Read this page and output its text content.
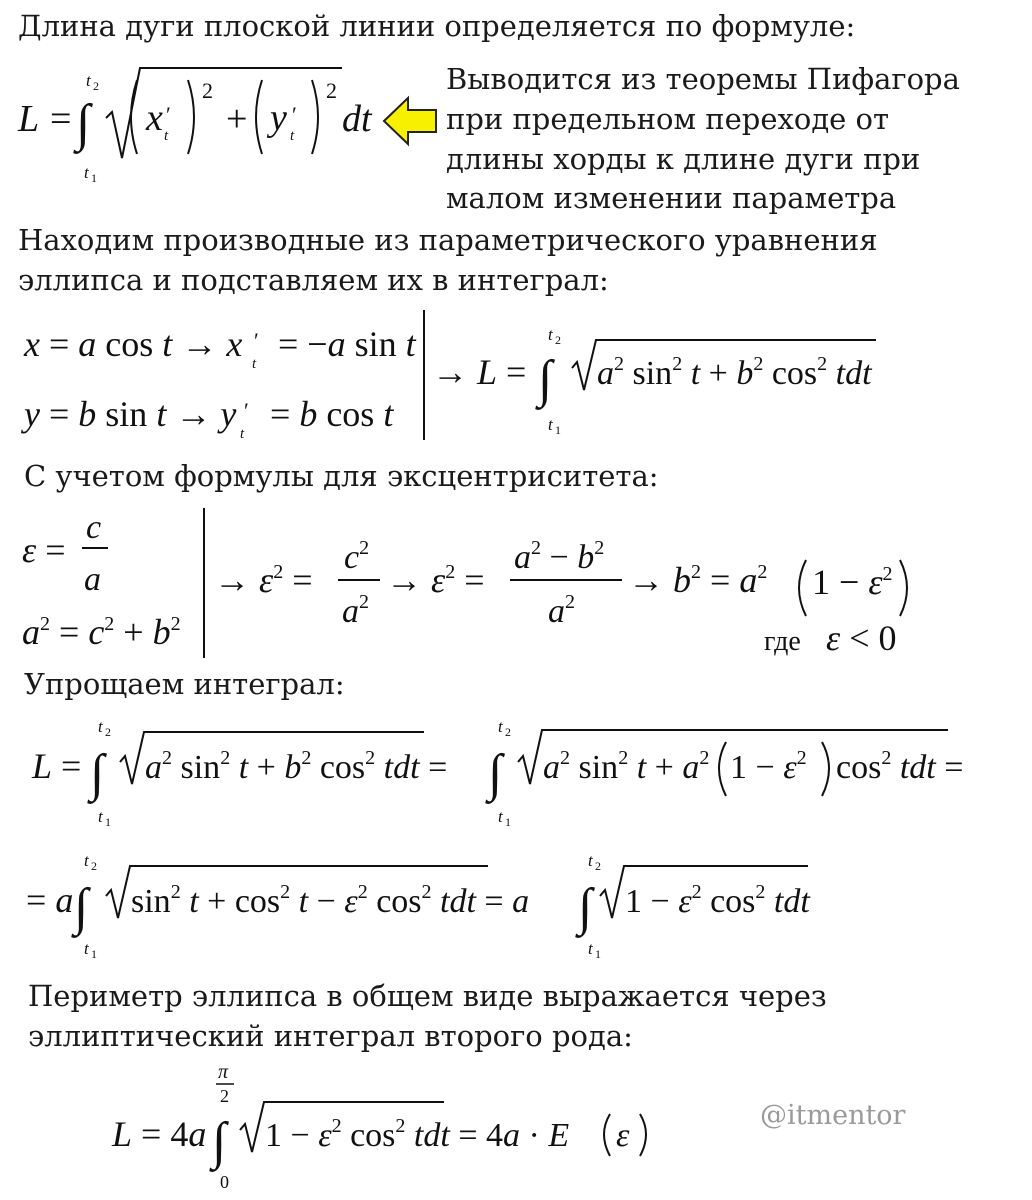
Длина дуги плоской линии определяется по формуле:
Выводится из теоремы Пифагора
при предельном переходе от
длины хорды к длине дуги при
малом изменении параметра
Находим производные из параметрического уравнения
эллипса и подставляем их в интеграл:
С учетом формулы для эксцентриситета:
Упрощаем интеграл:
Периметр эллипса в общем виде выражается через
эллиптический интеграл второго рода:
@itmentor
L = ∫
t 2
t 1
x ′
t
2
+ y ′
t
2
dt
x = a cos t → x ′
t = −a sin t
y = b sin t → y ′
t = b cos t
→ L = ∫
t 2
t 1
$a^2$ $\sin^2 t + b^2$ $\cos^2$ tdt
ε =
c
a
$a^2 = c^2 + b^2$
→ $\varepsilon^2$ =
$c^2$
$a^2$
→ $\varepsilon^2$ =
$a^2 - b^2$
$a^2$
→ $b^2 = a^2$ $1 - \varepsilon^2$
где ε < 0
L = ∫
t 2
t 1
$a^2$ $\sin^2 t + b^2$ $\cos^2$ tdt = ∫
t 2
t 1
$a^2$ $\sin^2 t + a^2$ $1 - \varepsilon^2$ $\cos^2$ tdt =
= a ∫
t 2
t 1
$\sin^2 t + \cos^2 t - \varepsilon^2$ $\cos^2$ tdt = a ∫
t 2
t 1
$1 - \varepsilon^2$ $\cos^2$ tdt
L = 4a ∫
π
2
0
$1 - \varepsilon^2$ $\cos^2$ tdt = 4a · E ε
